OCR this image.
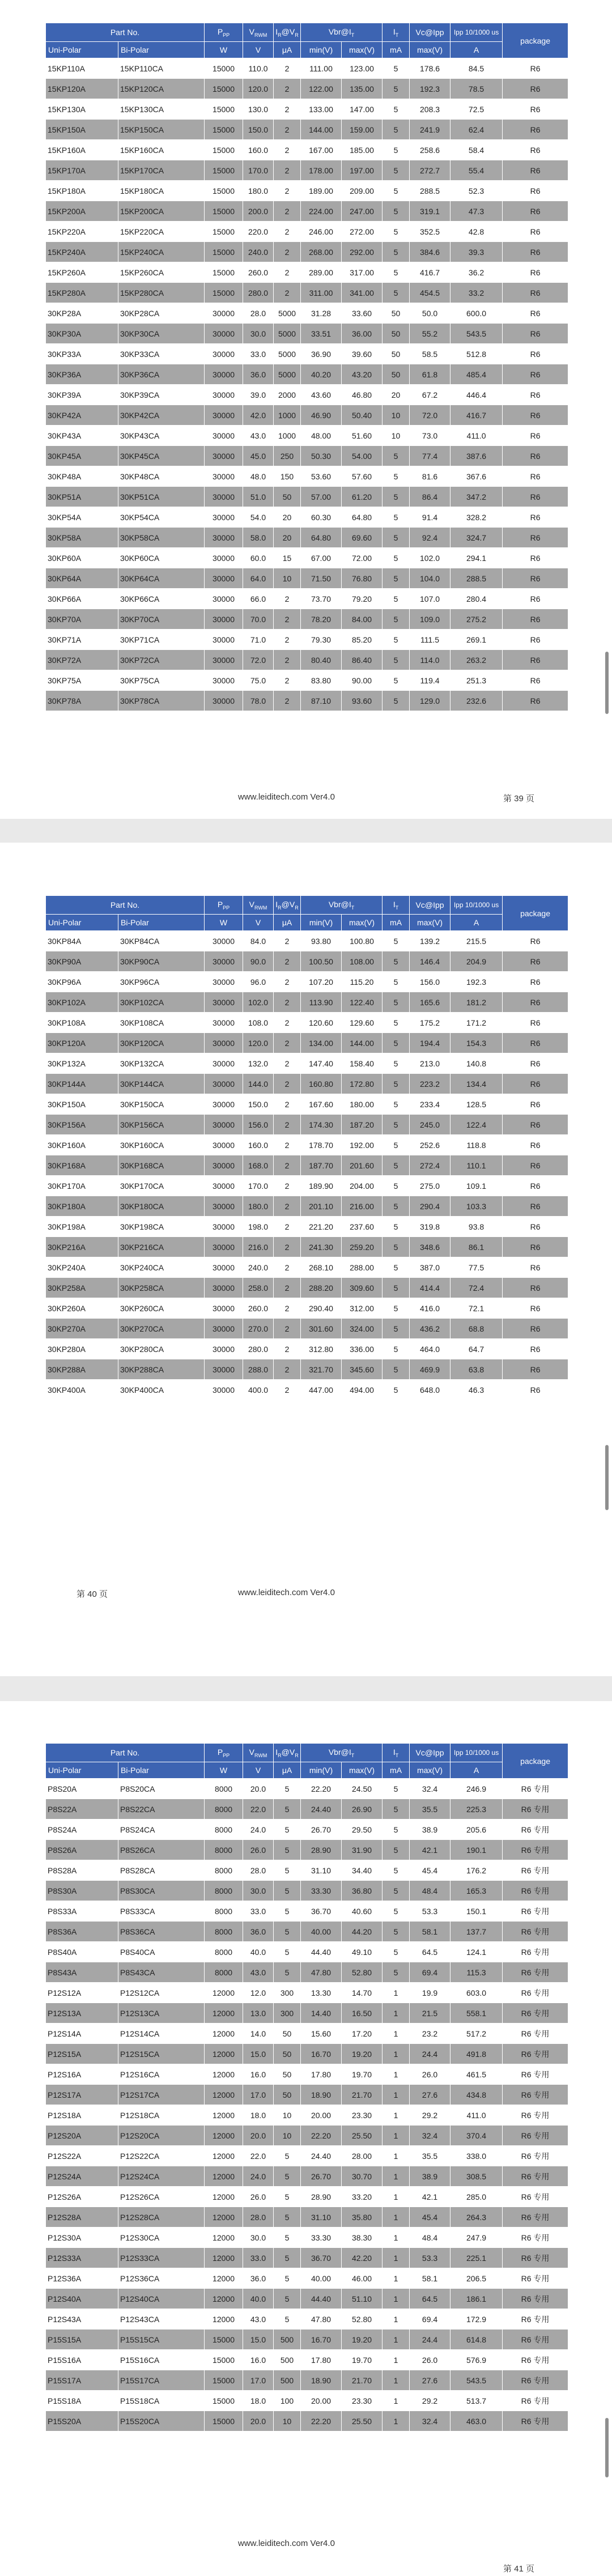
Part No.		$P_{PP}$	$V_{RWM}$	$I_R@V_R$	$Vbr@I_T$		$I_T$	Vc@Ipp	Ipp 10/1000 us	package
Uni-Polar	Bi-Polar	W	V	μA	min(V)	max(V)	mA	max(V)	A	
15KP110A	15KP110CA	15000	110.0	2	111.00	123.00	5	178.6	84.5	R6
15KP120A	15KP120CA	15000	120.0	2	122.00	135.00	5	192.3	78.5	R6
15KP130A	15KP130CA	15000	130.0	2	133.00	147.00	5	208.3	72.5	R6
15KP150A	15KP150CA	15000	150.0	2	144.00	159.00	5	241.9	62.4	R6
15KP160A	15KP160CA	15000	160.0	2	167.00	185.00	5	258.6	58.4	R6
15KP170A	15KP170CA	15000	170.0	2	178.00	197.00	5	272.7	55.4	R6
15KP180A	15KP180CA	15000	180.0	2	189.00	209.00	5	288.5	52.3	R6
15KP200A	15KP200CA	15000	200.0	2	224.00	247.00	5	319.1	47.3	R6
15KP220A	15KP220CA	15000	220.0	2	246.00	272.00	5	352.5	42.8	R6
15KP240A	15KP240CA	15000	240.0	2	268.00	292.00	5	384.6	39.3	R6
15KP260A	15KP260CA	15000	260.0	2	289.00	317.00	5	416.7	36.2	R6
15KP280A	15KP280CA	15000	280.0	2	311.00	341.00	5	454.5	33.2	R6
30KP28A	30KP28CA	30000	28.0	5000	31.28	33.60	50	50.0	600.0	R6
30KP30A	30KP30CA	30000	30.0	5000	33.51	36.00	50	55.2	543.5	R6
30KP33A	30KP33CA	30000	33.0	5000	36.90	39.60	50	58.5	512.8	R6
30KP36A	30KP36CA	30000	36.0	5000	40.20	43.20	50	61.8	485.4	R6
30KP39A	30KP39CA	30000	39.0	2000	43.60	46.80	20	67.2	446.4	R6
30KP42A	30KP42CA	30000	42.0	1000	46.90	50.40	10	72.0	416.7	R6
30KP43A	30KP43CA	30000	43.0	1000	48.00	51.60	10	73.0	411.0	R6
30KP45A	30KP45CA	30000	45.0	250	50.30	54.00	5	77.4	387.6	R6
30KP48A	30KP48CA	30000	48.0	150	53.60	57.60	5	81.6	367.6	R6
30KP51A	30KP51CA	30000	51.0	50	57.00	61.20	5	86.4	347.2	R6
30KP54A	30KP54CA	30000	54.0	20	60.30	64.80	5	91.4	328.2	R6
30KP58A	30KP58CA	30000	58.0	20	64.80	69.60	5	92.4	324.7	R6
30KP60A	30KP60CA	30000	60.0	15	67.00	72.00	5	102.0	294.1	R6
30KP64A	30KP64CA	30000	64.0	10	71.50	76.80	5	104.0	288.5	R6
30KP66A	30KP66CA	30000	66.0	2	73.70	79.20	5	107.0	280.4	R6
30KP70A	30KP70CA	30000	70.0	2	78.20	84.00	5	109.0	275.2	R6
30KP71A	30KP71CA	30000	71.0	2	79.30	85.20	5	111.5	269.1	R6
30KP72A	30KP72CA	30000	72.0	2	80.40	86.40	5	114.0	263.2	R6
30KP75A	30KP75CA	30000	75.0	2	83.80	90.00	5	119.4	251.3	R6
30KP78A	30KP78CA	30000	78.0	2	87.10	93.60	5	129.0	232.6	R6
www.leiditech.com Ver4.0	第 39 页
Part No.		$P_{PP}$	$V_{RWM}$	$I_R@V_R$	$Vbr@I_T$		$I_T$	Vc@Ipp	Ipp 10/1000 us	package
Uni-Polar	Bi-Polar	W	V	μA	min(V)	max(V)	mA	max(V)	A	
30KP84A	30KP84CA	30000	84.0	2	93.80	100.80	5	139.2	215.5	R6
30KP90A	30KP90CA	30000	90.0	2	100.50	108.00	5	146.4	204.9	R6
30KP96A	30KP96CA	30000	96.0	2	107.20	115.20	5	156.0	192.3	R6
30KP102A	30KP102CA	30000	102.0	2	113.90	122.40	5	165.6	181.2	R6
30KP108A	30KP108CA	30000	108.0	2	120.60	129.60	5	175.2	171.2	R6
30KP120A	30KP120CA	30000	120.0	2	134.00	144.00	5	194.4	154.3	R6
30KP132A	30KP132CA	30000	132.0	2	147.40	158.40	5	213.0	140.8	R6
30KP144A	30KP144CA	30000	144.0	2	160.80	172.80	5	223.2	134.4	R6
30KP150A	30KP150CA	30000	150.0	2	167.60	180.00	5	233.4	128.5	R6
30KP156A	30KP156CA	30000	156.0	2	174.30	187.20	5	245.0	122.4	R6
30KP160A	30KP160CA	30000	160.0	2	178.70	192.00	5	252.6	118.8	R6
30KP168A	30KP168CA	30000	168.0	2	187.70	201.60	5	272.4	110.1	R6
30KP170A	30KP170CA	30000	170.0	2	189.90	204.00	5	275.0	109.1	R6
30KP180A	30KP180CA	30000	180.0	2	201.10	216.00	5	290.4	103.3	R6
30KP198A	30KP198CA	30000	198.0	2	221.20	237.60	5	319.8	93.8	R6
30KP216A	30KP216CA	30000	216.0	2	241.30	259.20	5	348.6	86.1	R6
30KP240A	30KP240CA	30000	240.0	2	268.10	288.00	5	387.0	77.5	R6
30KP258A	30KP258CA	30000	258.0	2	288.20	309.60	5	414.4	72.4	R6
30KP260A	30KP260CA	30000	260.0	2	290.40	312.00	5	416.0	72.1	R6
30KP270A	30KP270CA	30000	270.0	2	301.60	324.00	5	436.2	68.8	R6
30KP280A	30KP280CA	30000	280.0	2	312.80	336.00	5	464.0	64.7	R6
30KP288A	30KP288CA	30000	288.0	2	321.70	345.60	5	469.9	63.8	R6
30KP400A	30KP400CA	30000	400.0	2	447.00	494.00	5	648.0	46.3	R6
第 40 页	www.leiditech.com Ver4.0
Part No.		$P_{PP}$	$V_{RWM}$	$I_R@V_R$	$Vbr@I_T$		$I_T$	Vc@Ipp	Ipp 10/1000 us	package
Uni-Polar	Bi-Polar	W	V	μA	min(V)	max(V)	mA	max(V)	A	
P8S20A	P8S20CA	8000	20.0	5	22.20	24.50	5	32.4	246.9	R6 专用
P8S22A	P8S22CA	8000	22.0	5	24.40	26.90	5	35.5	225.3	R6 专用
P8S24A	P8S24CA	8000	24.0	5	26.70	29.50	5	38.9	205.6	R6 专用
P8S26A	P8S26CA	8000	26.0	5	28.90	31.90	5	42.1	190.1	R6 专用
P8S28A	P8S28CA	8000	28.0	5	31.10	34.40	5	45.4	176.2	R6 专用
P8S30A	P8S30CA	8000	30.0	5	33.30	36.80	5	48.4	165.3	R6 专用
P8S33A	P8S33CA	8000	33.0	5	36.70	40.60	5	53.3	150.1	R6 专用
P8S36A	P8S36CA	8000	36.0	5	40.00	44.20	5	58.1	137.7	R6 专用
P8S40A	P8S40CA	8000	40.0	5	44.40	49.10	5	64.5	124.1	R6 专用
P8S43A	P8S43CA	8000	43.0	5	47.80	52.80	5	69.4	115.3	R6 专用
P12S12A	P12S12CA	12000	12.0	300	13.30	14.70	1	19.9	603.0	R6 专用
P12S13A	P12S13CA	12000	13.0	300	14.40	16.50	1	21.5	558.1	R6 专用
P12S14A	P12S14CA	12000	14.0	50	15.60	17.20	1	23.2	517.2	R6 专用
P12S15A	P12S15CA	12000	15.0	50	16.70	19.20	1	24.4	491.8	R6 专用
P12S16A	P12S16CA	12000	16.0	50	17.80	19.70	1	26.0	461.5	R6 专用
P12S17A	P12S17CA	12000	17.0	50	18.90	21.70	1	27.6	434.8	R6 专用
P12S18A	P12S18CA	12000	18.0	10	20.00	23.30	1	29.2	411.0	R6 专用
P12S20A	P12S20CA	12000	20.0	10	22.20	25.50	1	32.4	370.4	R6 专用
P12S22A	P12S22CA	12000	22.0	5	24.40	28.00	1	35.5	338.0	R6 专用
P12S24A	P12S24CA	12000	24.0	5	26.70	30.70	1	38.9	308.5	R6 专用
P12S26A	P12S26CA	12000	26.0	5	28.90	33.20	1	42.1	285.0	R6 专用
P12S28A	P12S28CA	12000	28.0	5	31.10	35.80	1	45.4	264.3	R6 专用
P12S30A	P12S30CA	12000	30.0	5	33.30	38.30	1	48.4	247.9	R6 专用
P12S33A	P12S33CA	12000	33.0	5	36.70	42.20	1	53.3	225.1	R6 专用
P12S36A	P12S36CA	12000	36.0	5	40.00	46.00	1	58.1	206.5	R6 专用
P12S40A	P12S40CA	12000	40.0	5	44.40	51.10	1	64.5	186.1	R6 专用
P12S43A	P12S43CA	12000	43.0	5	47.80	52.80	1	69.4	172.9	R6 专用
P15S15A	P15S15CA	15000	15.0	500	16.70	19.20	1	24.4	614.8	R6 专用
P15S16A	P15S16CA	15000	16.0	500	17.80	19.70	1	26.0	576.9	R6 专用
P15S17A	P15S17CA	15000	17.0	500	18.90	21.70	1	27.6	543.5	R6 专用
P15S18A	P15S18CA	15000	18.0	100	20.00	23.30	1	29.2	513.7	R6 专用
P15S20A	P15S20CA	15000	20.0	10	22.20	25.50	1	32.4	463.0	R6 专用
www.leiditech.com Ver4.0
第 41 页
